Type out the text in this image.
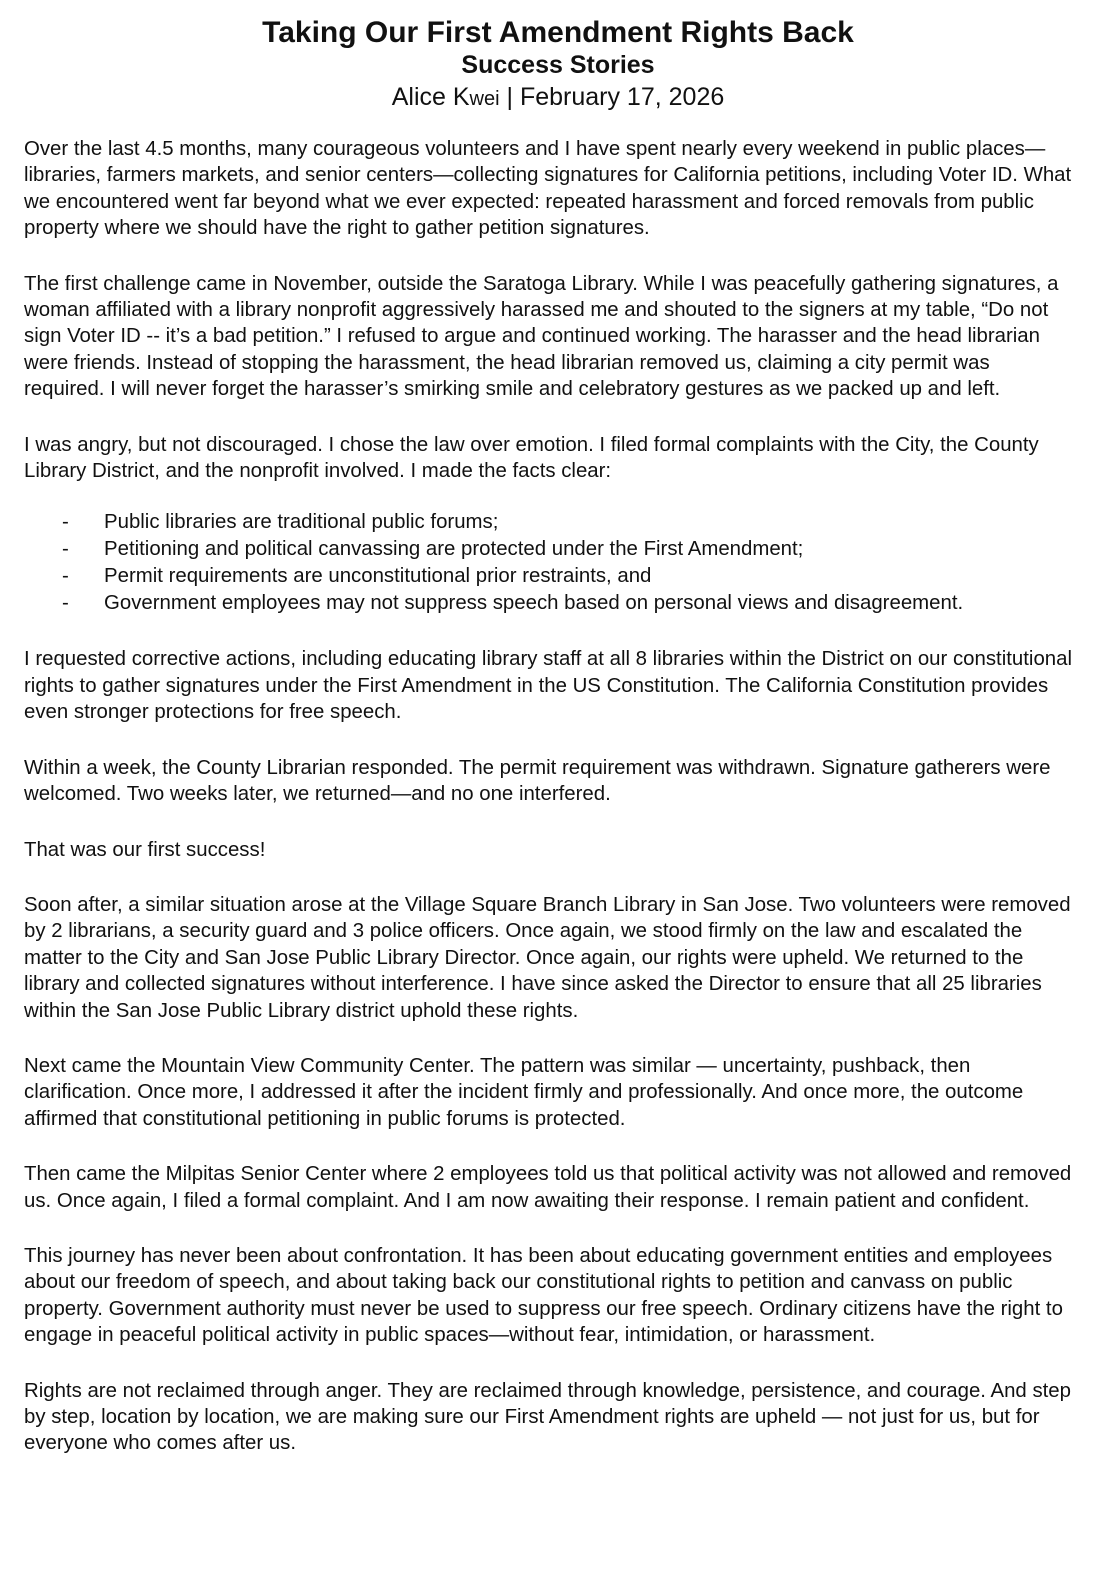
Taking Our First Amendment Rights Back
Success Stories
Alice Kwei | February 17, 2026

Over the last 4.5 months, many courageous volunteers and I have spent nearly every weekend in public places—libraries, farmers markets, and senior centers—collecting signatures for California petitions, including Voter ID. What we encountered went far beyond what we ever expected: repeated harassment and forced removals from public property where we should have the right to gather petition signatures.

The first challenge came in November, outside the Saratoga Library. While I was peacefully gathering signatures, a woman affiliated with a library nonprofit aggressively harassed me and shouted to the signers at my table, “Do not sign Voter ID -- it’s a bad petition.” I refused to argue and continued working. The harasser and the head librarian were friends. Instead of stopping the harassment, the head librarian removed us, claiming a city permit was required. I will never forget the harasser’s smirking smile and celebratory gestures as we packed up and left.

I was angry, but not discouraged. I chose the law over emotion. I filed formal complaints with the City, the County Library District, and the nonprofit involved. I made the facts clear:

- Public libraries are traditional public forums;
- Petitioning and political canvassing are protected under the First Amendment;
- Permit requirements are unconstitutional prior restraints, and
- Government employees may not suppress speech based on personal views and disagreement.

I requested corrective actions, including educating library staff at all 8 libraries within the District on our constitutional rights to gather signatures under the First Amendment in the US Constitution. The California Constitution provides even stronger protections for free speech.

Within a week, the County Librarian responded. The permit requirement was withdrawn. Signature gatherers were welcomed. Two weeks later, we returned—and no one interfered.

That was our first success!

Soon after, a similar situation arose at the Village Square Branch Library in San Jose. Two volunteers were removed by 2 librarians, a security guard and 3 police officers. Once again, we stood firmly on the law and escalated the matter to the City and San Jose Public Library Director. Once again, our rights were upheld. We returned to the library and collected signatures without interference. I have since asked the Director to ensure that all 25 libraries within the San Jose Public Library district uphold these rights.

Next came the Mountain View Community Center. The pattern was similar — uncertainty, pushback, then clarification. Once more, I addressed it after the incident firmly and professionally. And once more, the outcome affirmed that constitutional petitioning in public forums is protected.

Then came the Milpitas Senior Center where 2 employees told us that political activity was not allowed and removed us. Once again, I filed a formal complaint. And I am now awaiting their response. I remain patient and confident.

This journey has never been about confrontation. It has been about educating government entities and employees about our freedom of speech, and about taking back our constitutional rights to petition and canvass on public property. Government authority must never be used to suppress our free speech. Ordinary citizens have the right to engage in peaceful political activity in public spaces—without fear, intimidation, or harassment.

Rights are not reclaimed through anger. They are reclaimed through knowledge, persistence, and courage. And step by step, location by location, we are making sure our First Amendment rights are upheld — not just for us, but for everyone who comes after us.
